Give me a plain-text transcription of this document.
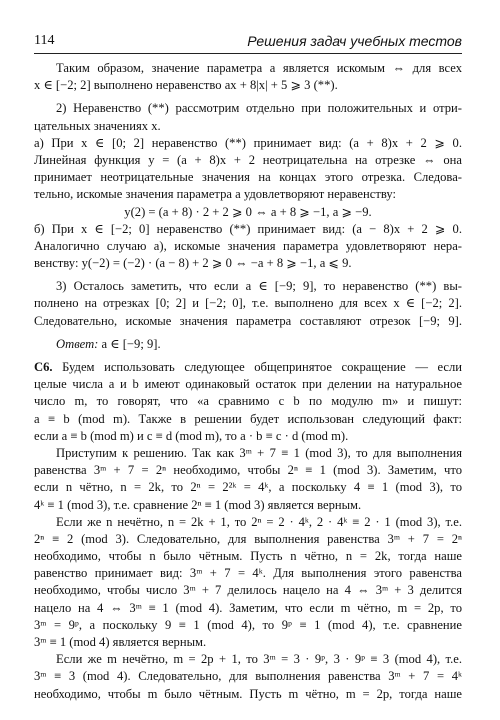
114	Решения задач учебных тестов
Таким образом, значение параметра a является искомым ⇔ для всех
x ∈ [−2; 2] выполнено неравенство ax + 8|x| + 5 ⩾ 3 (**).
2) Неравенство (**) рассмотрим отдельно при положительных и отри-
цательных значениях x.
а) При x ∈ [0; 2] неравенство (**) принимает вид: (a + 8)x + 2 ⩾ 0.
Линейная функция y = (a + 8)x + 2 неотрицательна на отрезке ⇔ она
принимает неотрицательные значения на концах этого отрезка. Следова-
тельно, искомые значения параметра a удовлетворяют неравенству:
y(2) = (a + 8) · 2 + 2 ⩾ 0 ⇔ a + 8 ⩾ −1, a ⩾ −9.
б) При x ∈ [−2; 0] неравенство (**) принимает вид: (a − 8)x + 2 ⩾ 0.
Аналогично случаю а), искомые значения параметра удовлетворяют нера-
венству: y(−2) = (−2) · (a − 8) + 2 ⩾ 0 ⇔ −a + 8 ⩾ −1, a ⩽ 9.
3) Осталось заметить, что если a ∈ [−9; 9], то неравенство (**) вы-
полнено на отрезках [0; 2] и [−2; 0], т.е. выполнено для всех x ∈ [−2; 2].
Следовательно, искомые значения параметра составляют отрезок [−9; 9].
Ответ: a ∈ [−9; 9].
С6. Будем использовать следующее общепринятое сокращение — если
целые числа a и b имеют одинаковый остаток при делении на натуральное
число m, то говорят, что «a сравнимо с b по модулю m» и пишут:
a ≡ b (mod m). Также в решении будет использован следующий факт:
если a ≡ b (mod m) и c ≡ d (mod m), то a · b ≡ c · d (mod m).
Приступим к решению. Так как 3ᵐ + 7 ≡ 1 (mod 3), то для выполнения
равенства 3ᵐ + 7 = 2ⁿ необходимо, чтобы 2ⁿ ≡ 1 (mod 3). Заметим, что
если n чётно, n = 2k, то 2ⁿ = 2²ᵏ = 4ᵏ, а поскольку 4 ≡ 1 (mod 3), то
4ᵏ ≡ 1 (mod 3), т.е. сравнение 2ⁿ ≡ 1 (mod 3) является верным.
Если же n нечётно, n = 2k + 1, то 2ⁿ = 2 · 4ᵏ, 2 · 4ᵏ ≡ 2 · 1 (mod 3), т.е.
2ⁿ ≡ 2 (mod 3). Следовательно, для выполнения равенства 3ᵐ + 7 = 2ⁿ
необходимо, чтобы n было чётным. Пусть n чётно, n = 2k, тогда наше
равенство принимает вид: 3ᵐ + 7 = 4ᵏ. Для выполнения этого равенства
необходимо, чтобы число 3ᵐ + 7 делилось нацело на 4 ⇔ 3ᵐ + 3 делится
нацело на 4 ⇔ 3ᵐ ≡ 1 (mod 4). Заметим, что если m чётно, m = 2p, то
3ᵐ = 9ᵖ, а поскольку 9 ≡ 1 (mod 4), то 9ᵖ ≡ 1 (mod 4), т.е. сравнение
3ᵐ ≡ 1 (mod 4) является верным.
Если же m нечётно, m = 2p + 1, то 3ᵐ = 3 · 9ᵖ, 3 · 9ᵖ ≡ 3 (mod 4), т.е.
3ᵐ ≡ 3 (mod 4). Следовательно, для выполнения равенства 3ᵐ + 7 = 4ᵏ
необходимо, чтобы m было чётным. Пусть m чётно, m = 2p, тогда наше
